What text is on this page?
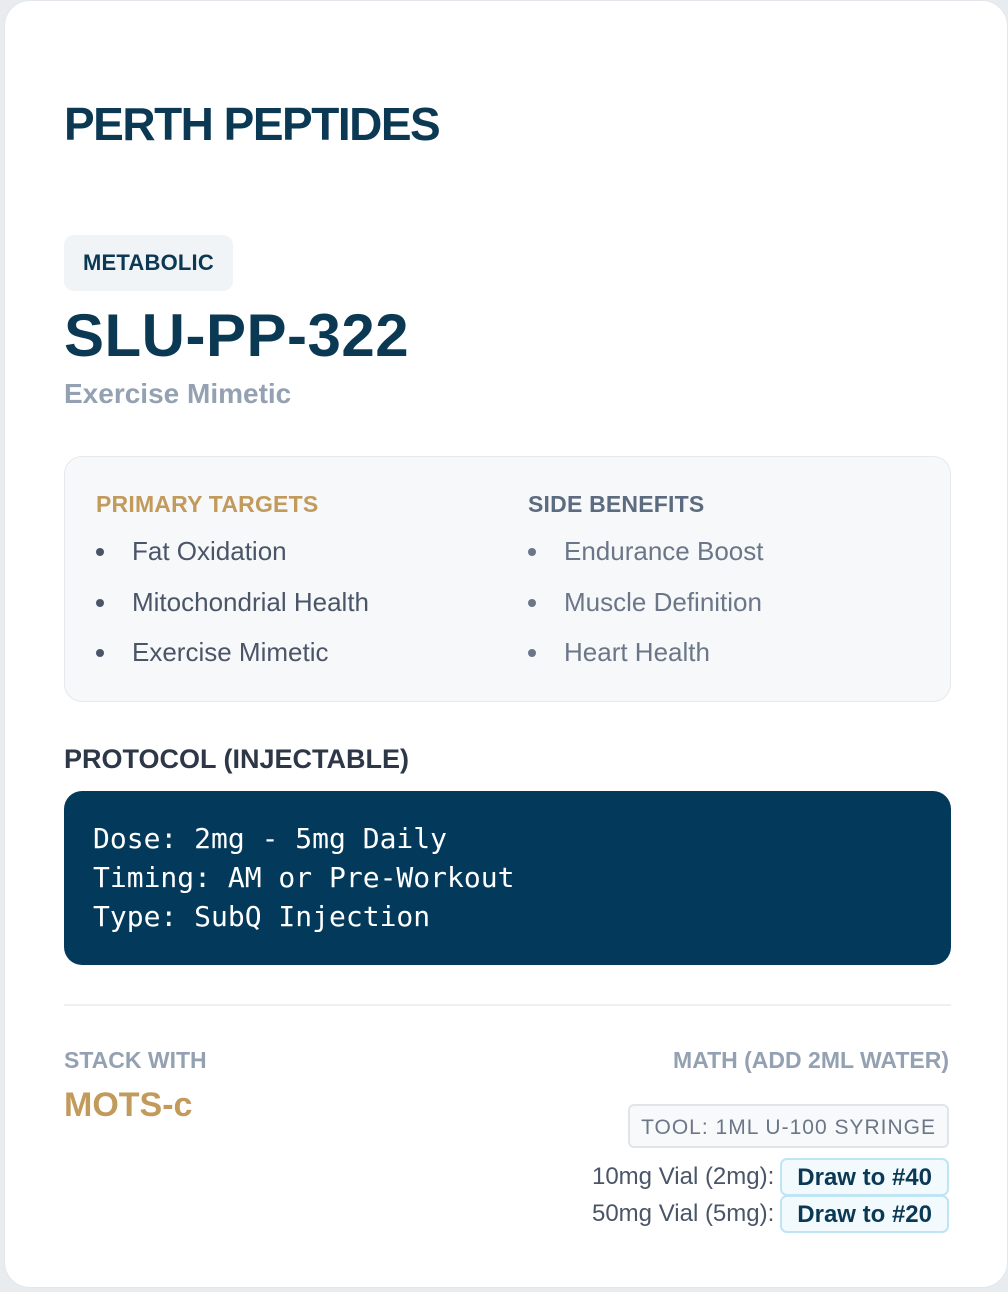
PERTH PEPTIDES
METABOLIC
SLU-PP-322
Exercise Mimetic
PRIMARY TARGETS
Fat Oxidation
Mitochondrial Health
Exercise Mimetic
SIDE BENEFITS
Endurance Boost
Muscle Definition
Heart Health
PROTOCOL (INJECTABLE)
Dose: 2mg - 5mg Daily
Timing: AM or Pre-Workout
Type: SubQ Injection
STACK WITH
MOTS-c
MATH (ADD 2ML WATER)
TOOL: 1ML U-100 SYRINGE
10mg Vial (2mg): Draw to #40
50mg Vial (5mg): Draw to #20
